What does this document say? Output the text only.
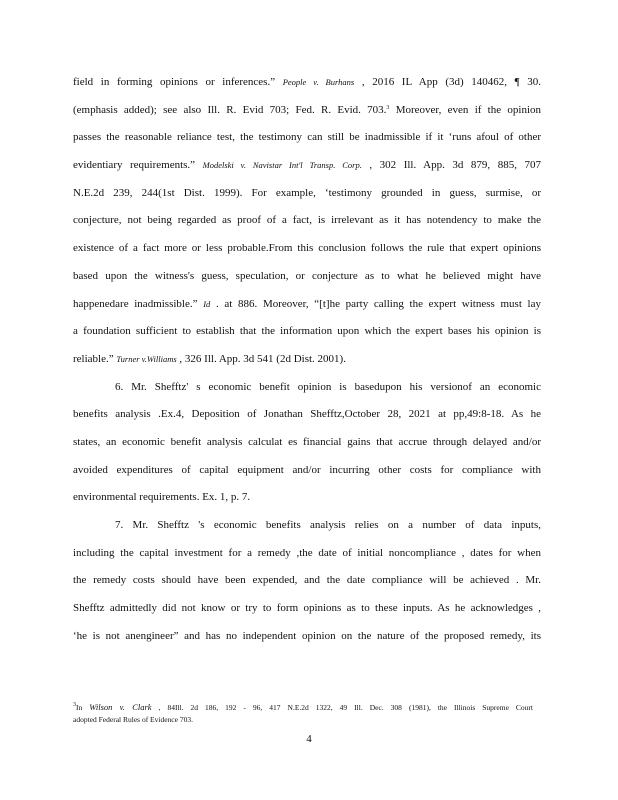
field in forming opinions or inferences.” People v. Burhans , 2016 IL App (3d) 140462, ¶ 30.
(emphasis added); see also Ill. R. Evid 703; Fed. R. Evid. 703.$^3$ Moreover, even if the opinion
passes the reasonable reliance test, the testimony can still be inadmissible if it ‘runs afoul of other
evidentiary requirements.” Modelski v. Navistar Int'l Transp. Corp. , 302 Ill. App. 3d 879, 885, 707
N.E.2d 239, 244(1st Dist. 1999). For example, ‘testimony grounded in guess, surmise, or
conjecture, not being regarded as proof of a fact, is irrelevant as it has notendency to make the
existence of a fact more or less probable.From this conclusion follows the rule that expert opinions
based upon the witness's guess, speculation, or conjecture as to what he believed might have
happenedare inadmissible.” Id . at 886. Moreover, “[t]he party calling the expert witness must lay
a foundation sufficient to establish that the information upon which the expert bases his opinion is
reliable.” Turner v.Williams , 326 Ill. App. 3d 541 (2d Dist. 2001).
6. Mr. Shefftz' s economic benefit opinion is basedupon his versionof an economic
benefits analysis .Ex.4, Deposition of Jonathan Shefftz,October 28, 2021 at pp,49:8-18. As he
states, an economic benefit analysis calculat es financial gains that accrue through delayed and/or
avoided expenditures of capital equipment and/or incurring other costs for compliance with
environmental requirements. Ex. 1, p. 7.
7. Mr. Shefftz 's economic benefits analysis relies on a number of data inputs,
including the capital investment for a remedy ,the date of initial noncompliance , dates for when
the remedy costs should have been expended, and the date compliance will be achieved . Mr.
Shefftz admittedly did not know or try to form opinions as to these inputs. As he acknowledges ,
‘he is not anengineer” and has no independent opinion on the nature of the proposed remedy, its
$^3$In Wilson v. Clark , 84Ill. 2d 186, 192 - 96, 417 N.E.2d 1322, 49 Ill. Dec. 308 (1981), the Illinois Supreme Court
adopted Federal Rules of Evidence 703.
4
